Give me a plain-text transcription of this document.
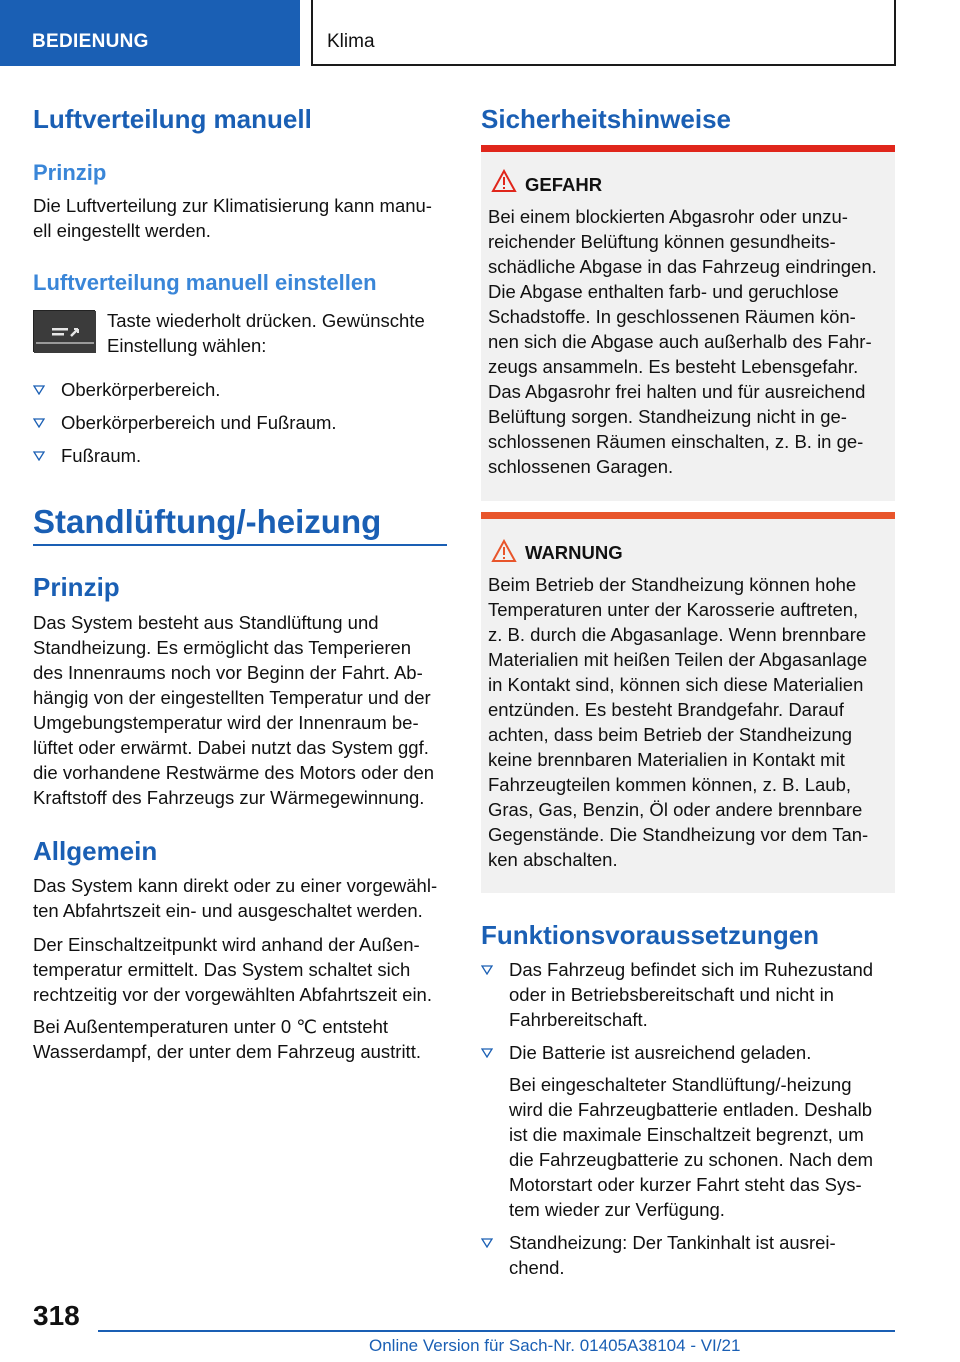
BEDIENUNG	Klima
Luftverteilung manuell
Prinzip
Die Luftverteilung zur Klimatisierung kann manu-
ell eingestellt werden.
Luftverteilung manuell einstellen
Taste wiederholt drücken. Gewünschte
Einstellung wählen:
Oberkörperbereich.
Oberkörperbereich und Fußraum.
Fußraum.
Standlüftung/-heizung
Prinzip
Das System besteht aus Standlüftung und
Standheizung. Es ermöglicht das Temperieren
des Innenraums noch vor Beginn der Fahrt. Ab-
hängig von der eingestellten Temperatur und der
Umgebungstemperatur wird der Innenraum be-
lüftet oder erwärmt. Dabei nutzt das System ggf.
die vorhandene Restwärme des Motors oder den
Kraftstoff des Fahrzeugs zur Wärmegewinnung.
Allgemein
Das System kann direkt oder zu einer vorgewähl-
ten Abfahrtszeit ein- und ausgeschaltet werden.
Der Einschaltzeitpunkt wird anhand der Außen-
temperatur ermittelt. Das System schaltet sich
rechtzeitig vor der vorgewählten Abfahrtszeit ein.
Bei Außentemperaturen unter 0 ℃ entsteht
Wasserdampf, der unter dem Fahrzeug austritt.
Sicherheitshinweise
GEFAHR
Bei einem blockierten Abgasrohr oder unzu-
reichender Belüftung können gesundheits-
schädliche Abgase in das Fahrzeug eindringen.
Die Abgase enthalten farb- und geruchlose
Schadstoffe. In geschlossenen Räumen kön-
nen sich die Abgase auch außerhalb des Fahr-
zeugs ansammeln. Es besteht Lebensgefahr.
Das Abgasrohr frei halten und für ausreichend
Belüftung sorgen. Standheizung nicht in ge-
schlossenen Räumen einschalten, z. B. in ge-
schlossenen Garagen.
WARNUNG
Beim Betrieb der Standheizung können hohe
Temperaturen unter der Karosserie auftreten,
z. B. durch die Abgasanlage. Wenn brennbare
Materialien mit heißen Teilen der Abgasanlage
in Kontakt sind, können sich diese Materialien
entzünden. Es besteht Brandgefahr. Darauf
achten, dass beim Betrieb der Standheizung
keine brennbaren Materialien in Kontakt mit
Fahrzeugteilen kommen können, z. B. Laub,
Gras, Gas, Benzin, Öl oder andere brennbare
Gegenstände. Die Standheizung vor dem Tan-
ken abschalten.
Funktionsvoraussetzungen
Das Fahrzeug befindet sich im Ruhezustand
oder in Betriebsbereitschaft und nicht in
Fahrbereitschaft.
Die Batterie ist ausreichend geladen.
Bei eingeschalteter Standlüftung/-heizung
wird die Fahrzeugbatterie entladen. Deshalb
ist die maximale Einschaltzeit begrenzt, um
die Fahrzeugbatterie zu schonen. Nach dem
Motorstart oder kurzer Fahrt steht das Sys-
tem wieder zur Verfügung.
Standheizung: Der Tankinhalt ist ausrei-
chend.
318
Online Version für Sach-Nr. 01405A38104 - VI/21
